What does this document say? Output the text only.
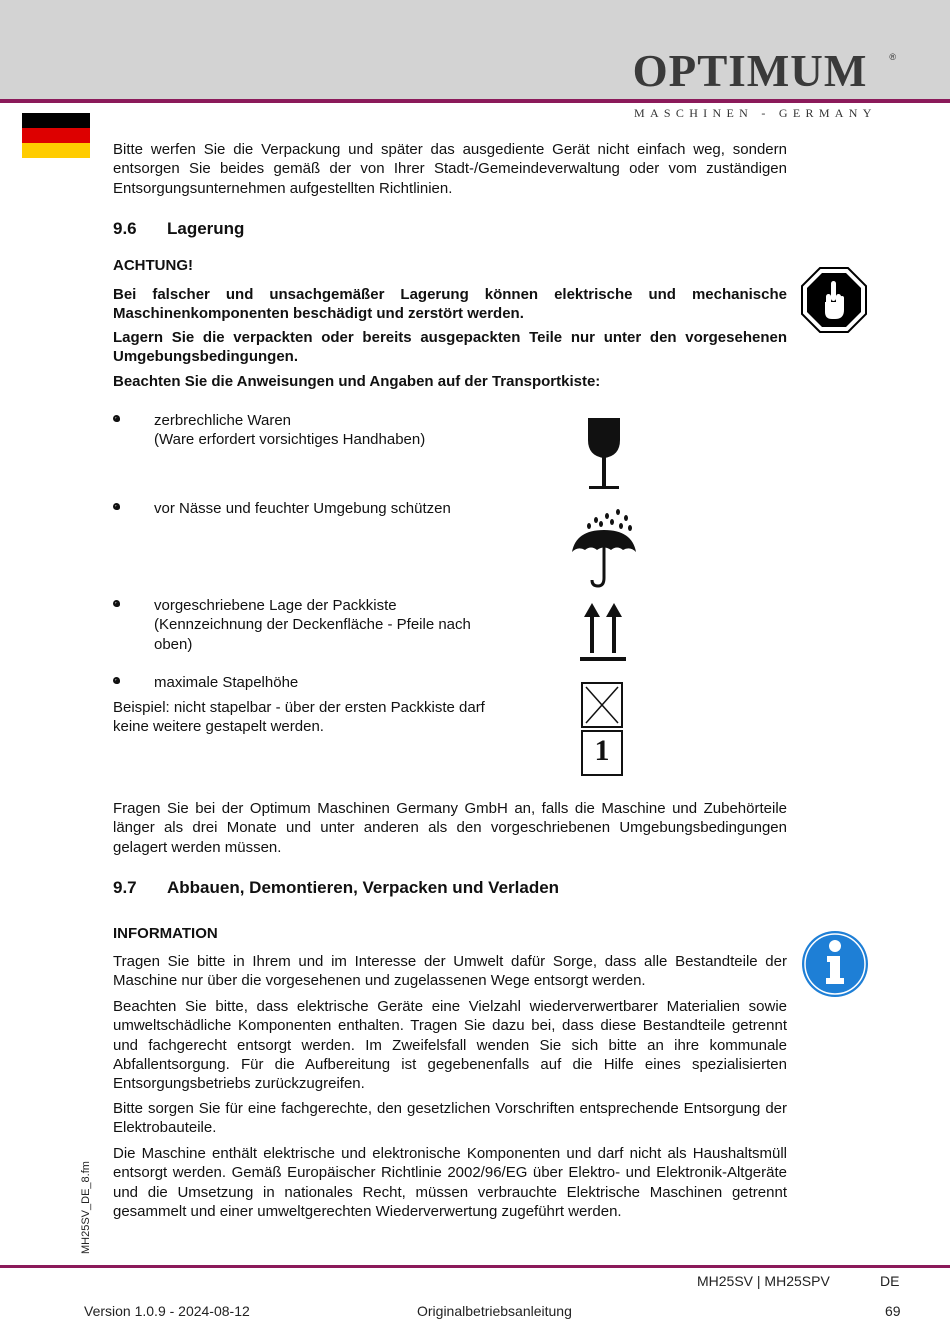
OPTIMUM	®
MASCHINEN - GERMANY

Bitte werfen Sie die Verpackung und später das ausgediente Gerät nicht einfach weg, sondern entsorgen Sie beides gemäß der von Ihrer Stadt-/Gemeindeverwaltung oder vom zuständigen Entsorgungsunternehmen aufgestellten Richtlinien.

9.6 Lagerung
ACHTUNG!

Bei falscher und unsachgemäßer Lagerung können elektrische und mechanische Maschinenkomponenten beschädigt und zerstört werden.

Lagern Sie die verpackten oder bereits ausgepackten Teile nur unter den vorgesehenen Umgebungsbedingungen.

Beachten Sie die Anweisungen und Angaben auf der Transportkiste:

zerbrechliche Waren
(Ware erfordert vorsichtiges Handhaben)
vor Nässe und feuchter Umgebung schützen
vorgeschriebene Lage der Packkiste
(Kennzeichnung der Deckenfläche - Pfeile nach
oben)
maximale Stapelhöhe
Beispiel: nicht stapelbar - über der ersten Packkiste darf
keine weitere gestapelt werden.
1

Fragen Sie bei der Optimum Maschinen Germany GmbH an, falls die Maschine und Zubehörteile länger als drei Monate und unter anderen als den vorgeschriebenen Umgebungsbedingungen gelagert werden müssen.

9.7 Abbauen, Demontieren, Verpacken und Verladen
INFORMATION

Tragen Sie bitte in Ihrem und im Interesse der Umwelt dafür Sorge, dass alle Bestandteile der Maschine nur über die vorgesehenen und zugelassenen Wege entsorgt werden.

Beachten Sie bitte, dass elektrische Geräte eine Vielzahl wiederverwertbarer Materialien sowie umweltschädliche Komponenten enthalten. Tragen Sie dazu bei, dass diese Bestandteile getrennt und fachgerecht entsorgt werden. Im Zweifelsfall wenden Sie sich bitte an ihre kommunale Abfallentsorgung. Für die Aufbereitung ist gegebenenfalls auf die Hilfe eines spezialisierten Entsorgungsbetriebs zurückzugreifen.

Bitte sorgen Sie für eine fachgerechte, den gesetzlichen Vorschriften entsprechende Entsorgung der Elektrobauteile.

Die Maschine enthält elektrische und elektronische Komponenten und darf nicht als Haushaltsmüll entsorgt werden. Gemäß Europäischer Richtlinie 2002/96/EG über Elektro- und Elektronik-Altgeräte und die Umsetzung in nationales Recht, müssen verbrauchte Elektrische Maschinen getrennt gesammelt und einer umweltgerechten Wiederverwertung zugeführt werden.

MH25SV_DE_8.fm
MH25SV | MH25SPV	DE
Version 1.0.9 - 2024-08-12	Originalbetriebsanleitung	69
